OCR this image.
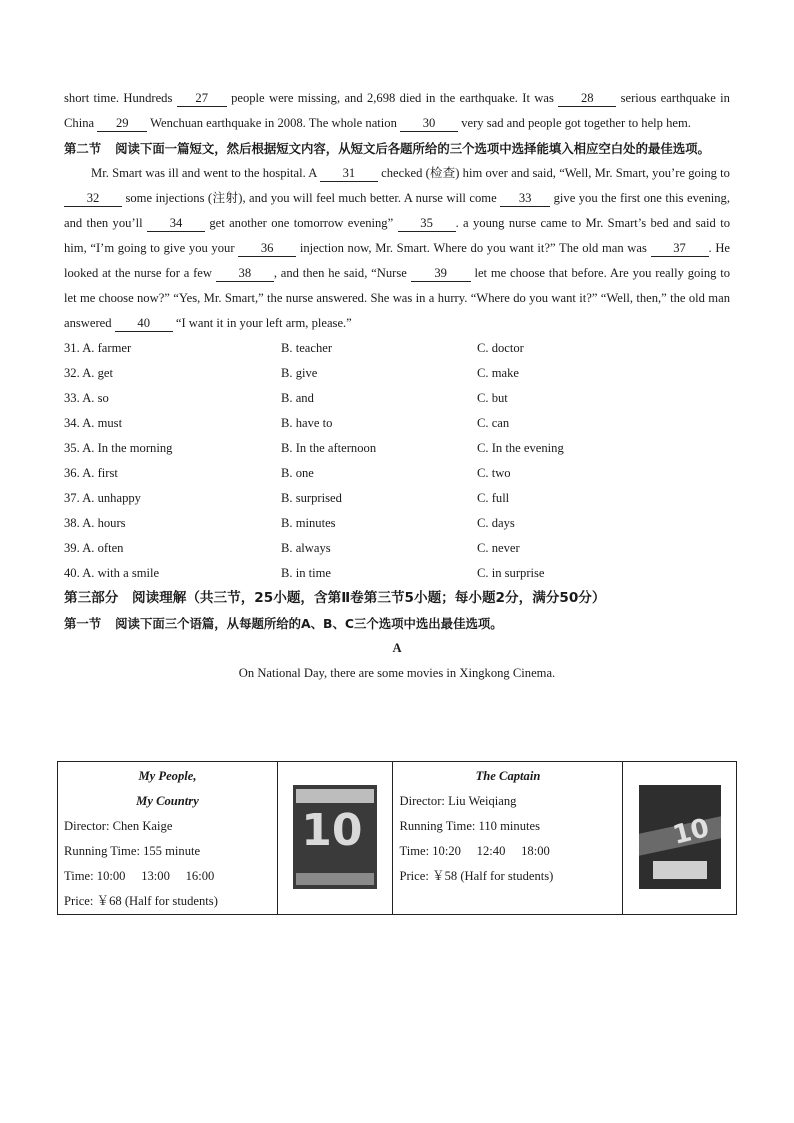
short time. Hundreds 27 people were missing, and 2,698 died in the earthquake. It was 28 serious earthquake in China 29 Wenchuan earthquake in 2008. The whole nation 30 very sad and people got together to help hem.

第二节 阅读下面一篇短文，然后根据短文内容，从短文后各题所给的三个选项中选择能填入相应空白处的最佳选项。

Mr. Smart was ill and went to the hospital. A 31 checked (检查) him over and said, “Well, Mr. Smart, you’re going to 32 some injections (注射), and you will feel much better. A nurse will come 33 give you the first one this evening, and then you’ll 34 get another one tomorrow evening” 35 . a young nurse came to Mr. Smart’s bed and said to him, “I’m going to give you your 36 injection now, Mr. Smart. Where do you want it?” The old man was 37 . He looked at the nurse for a few 38 , and then he said, “Nurse 39 let me choose that before. Are you really going to let me choose now?” “Yes, Mr. Smart,” the nurse answered. She was in a hurry. “Where do you want it?” “Well, then,” the old man answered 40 “I want it in your left arm, please.”

31. A. farmer	B. teacher	C. doctor
32. A. get	B. give	C. make
33. A. so	B. and	C. but
34. A. must	B. have to	C. can
35. A. In the morning	B. In the afternoon	C. In the evening
36. A. first	B. one	C. two
37. A. unhappy	B. surprised	C. full
38. A. hours	B. minutes	C. days
39. A. often	B. always	C. never
40. A. with a smile	B. in time	C. in surprise

第三部分　阅读理解（共三节，25小题，含第Ⅱ卷第三节5小题；每小题2分，满分50分）

第一节 阅读下面三个语篇，从每题所给的A、B、C三个选项中选出最佳选项。

A
On National Day, there are some movies in Xingkong Cinema.
My People,
My Country
Director: Chen Kaige
Running Time: 155 minute
Time: 10:00　 13:00　 16:00
Price: ￥68 (Half for students)

10

The Captain
Director: Liu Weiqiang
Running Time: 110 minutes
Time: 10:20　 12:40　 18:00
Price: ￥58 (Half for students)

10
